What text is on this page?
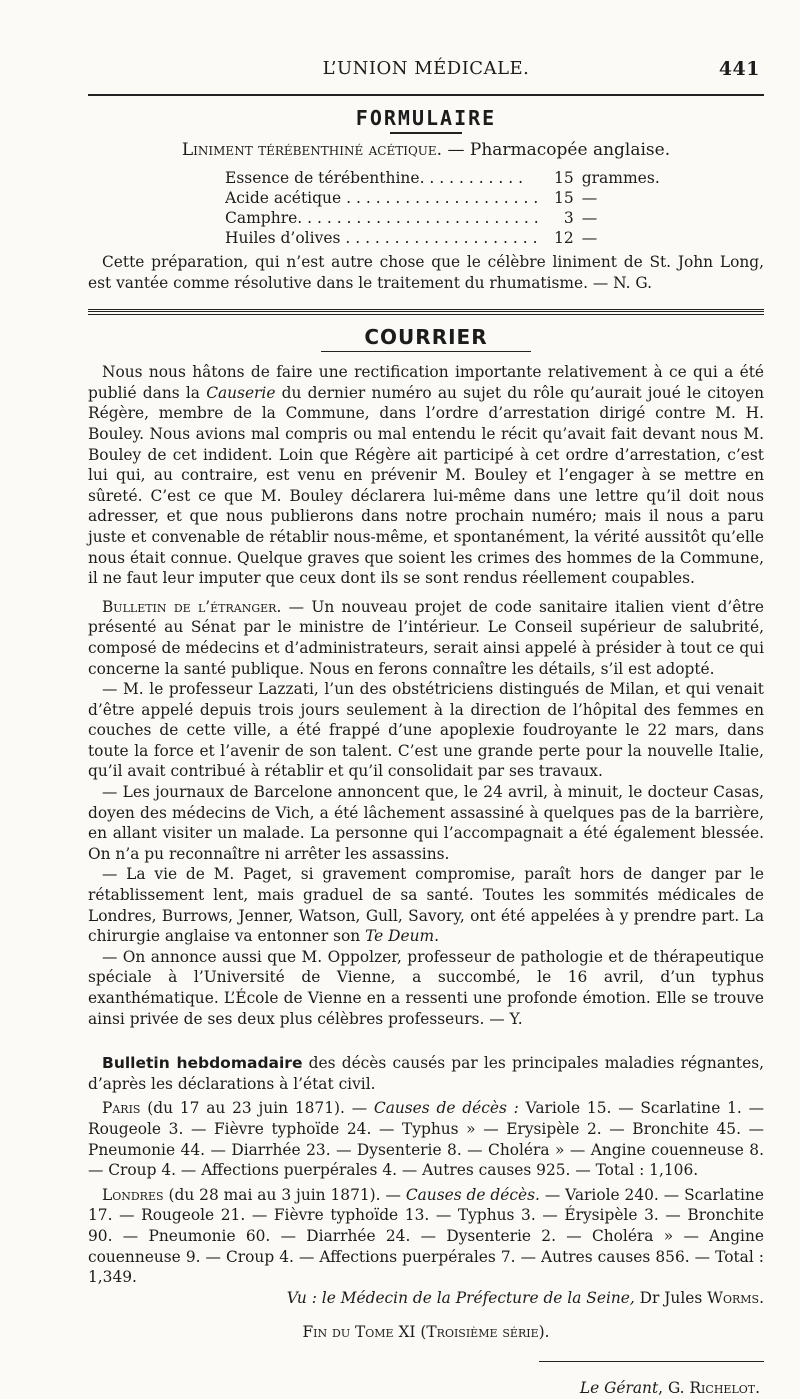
L’UNION MÉDICALE.	441
FORMULAIRE
Liniment térébenthiné acétique. — Pharmacopée anglaise.
Essence de térébenthine. . . . . . . . . . .	15	grammes.
Acide acétique . . . . . . . . . . . . . . . . . . . .	15	—
Camphre. . . . . . . . . . . . . . . . . . . . . . . . .	3	—
Huiles d’olives . . . . . . . . . . . . . . . . . . . .	12	—

Cette préparation, qui n’est autre chose que le célèbre liniment de St. John Long, est vantée comme résolutive dans le traitement du rhumatisme. — N. G.

COURRIER

Nous nous hâtons de faire une rectification importante relativement à ce qui a été publié dans la Causerie du dernier numéro au sujet du rôle qu’aurait joué le citoyen Régère, membre de la Commune, dans l’ordre d’arrestation dirigé contre M. H. Bouley. Nous avions mal compris ou mal entendu le récit qu’avait fait devant nous M. Bouley de cet indident. Loin que Régère ait participé à cet ordre d’arrestation, c’est lui qui, au contraire, est venu en prévenir M. Bouley et l’engager à se mettre en sûreté. C’est ce que M. Bouley déclarera lui-même dans une lettre qu’il doit nous adresser, et que nous publierons dans notre prochain numéro; mais il nous a paru juste et convenable de rétablir nous-même, et spontanément, la vérité aussitôt qu’elle nous était connue. Quelque graves que soient les crimes des hommes de la Commune, il ne faut leur imputer que ceux dont ils se sont rendus réellement coupables.

Bulletin de l’étranger. — Un nouveau projet de code sanitaire italien vient d’être présenté au Sénat par le ministre de l’intérieur. Le Conseil supérieur de salubrité, composé de médecins et d’administrateurs, serait ainsi appelé à présider à tout ce qui concerne la santé publique. Nous en ferons connaître les détails, s’il est adopté.

— M. le professeur Lazzati, l’un des obstétriciens distingués de Milan, et qui venait d’être appelé depuis trois jours seulement à la direction de l’hôpital des femmes en couches de cette ville, a été frappé d’une apoplexie foudroyante le 22 mars, dans toute la force et l’avenir de son talent. C’est une grande perte pour la nouvelle Italie, qu’il avait contribué à rétablir et qu’il consolidait par ses travaux.

— Les journaux de Barcelone annoncent que, le 24 avril, à minuit, le docteur Casas, doyen des médecins de Vich, a été lâchement assassiné à quelques pas de la barrière, en allant visiter un malade. La personne qui l’accompagnait a été également blessée. On n’a pu reconnaître ni arrêter les assassins.

— La vie de M. Paget, si gravement compromise, paraît hors de danger par le rétablissement lent, mais graduel de sa santé. Toutes les sommités médicales de Londres, Burrows, Jenner, Watson, Gull, Savory, ont été appelées à y prendre part. La chirurgie anglaise va entonner son Te Deum.

— On annonce aussi que M. Oppolzer, professeur de pathologie et de thérapeutique spéciale à l’Université de Vienne, a succombé, le 16 avril, d’un typhus exanthématique. L’École de Vienne en a ressenti une profonde émotion. Elle se trouve ainsi privée de ses deux plus célèbres professeurs. — Y.

Bulletin hebdomadaire des décès causés par les principales maladies régnantes, d’après les déclarations à l’état civil.

Paris (du 17 au 23 juin 1871). — Causes de décès : Variole 15. — Scarlatine 1. — Rougeole 3. — Fièvre typhoïde 24. — Typhus » — Erysipèle 2. — Bronchite 45. — Pneumonie 44. — Diarrhée 23. — Dysenterie 8. — Choléra » — Angine couenneuse 8. — Croup 4. — Affections puerpérales 4. — Autres causes 925. — Total : 1,106.

Londres (du 28 mai au 3 juin 1871). — Causes de décès. — Variole 240. — Scarlatine 17. — Rougeole 21. — Fièvre typhoïde 13. — Typhus 3. — Érysipèle 3. — Bronchite 90. — Pneumonie 60. — Diarrhée 24. — Dysenterie 2. — Choléra » — Angine couenneuse 9. — Croup 4. — Affections puerpérales 7. — Autres causes 856. — Total : 1,349.

Vu : le Médecin de la Préfecture de la Seine, Dr Jules Worms.

Fin du Tome XI (Troisième série).

Le Gérant, G. Richelot.
